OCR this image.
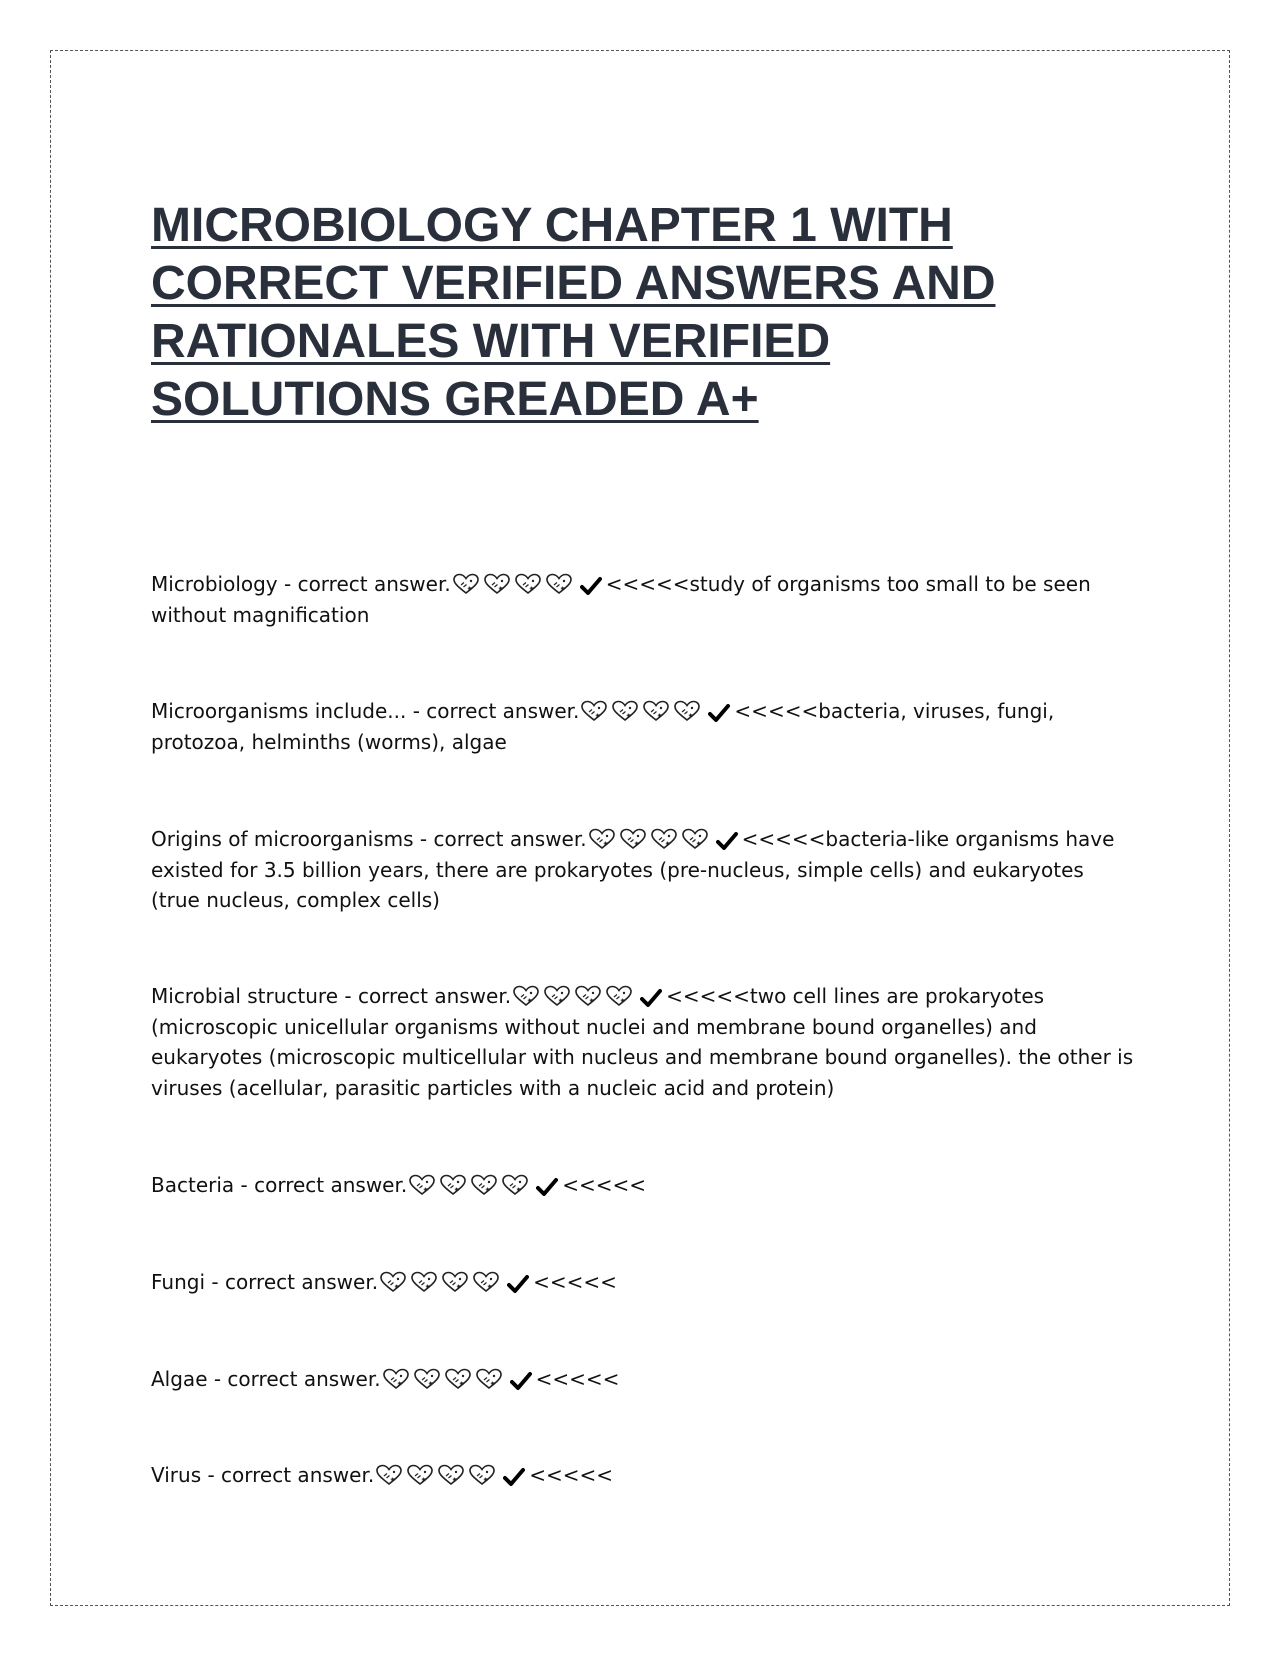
MICROBIOLOGY CHAPTER 1 WITH
CORRECT VERIFIED ANSWERS AND
RATIONALES WITH VERIFIED
SOLUTIONS GREADED A+

Microbiology - correct answer.	<<<<<study of organisms too small to be seen without magnification

Microorganisms include... - correct answer.	<<<<<bacteria, viruses, fungi, protozoa, helminths (worms), algae

Origins of microorganisms - correct answer.	<<<<<bacteria-like organisms have existed for 3.5 billion years, there are prokaryotes (pre-nucleus, simple cells) and eukaryotes (true nucleus, complex cells)

Microbial structure - correct answer.	<<<<<two cell lines are prokaryotes (microscopic unicellular organisms without nuclei and membrane bound organelles) and eukaryotes (microscopic multicellular with nucleus and membrane bound organelles). the other is viruses (acellular, parasitic particles with a nucleic acid and protein)

Bacteria - correct answer.	<<<<<

Fungi - correct answer.	<<<<<

Algae - correct answer.	<<<<<

Virus - correct answer.	<<<<<
